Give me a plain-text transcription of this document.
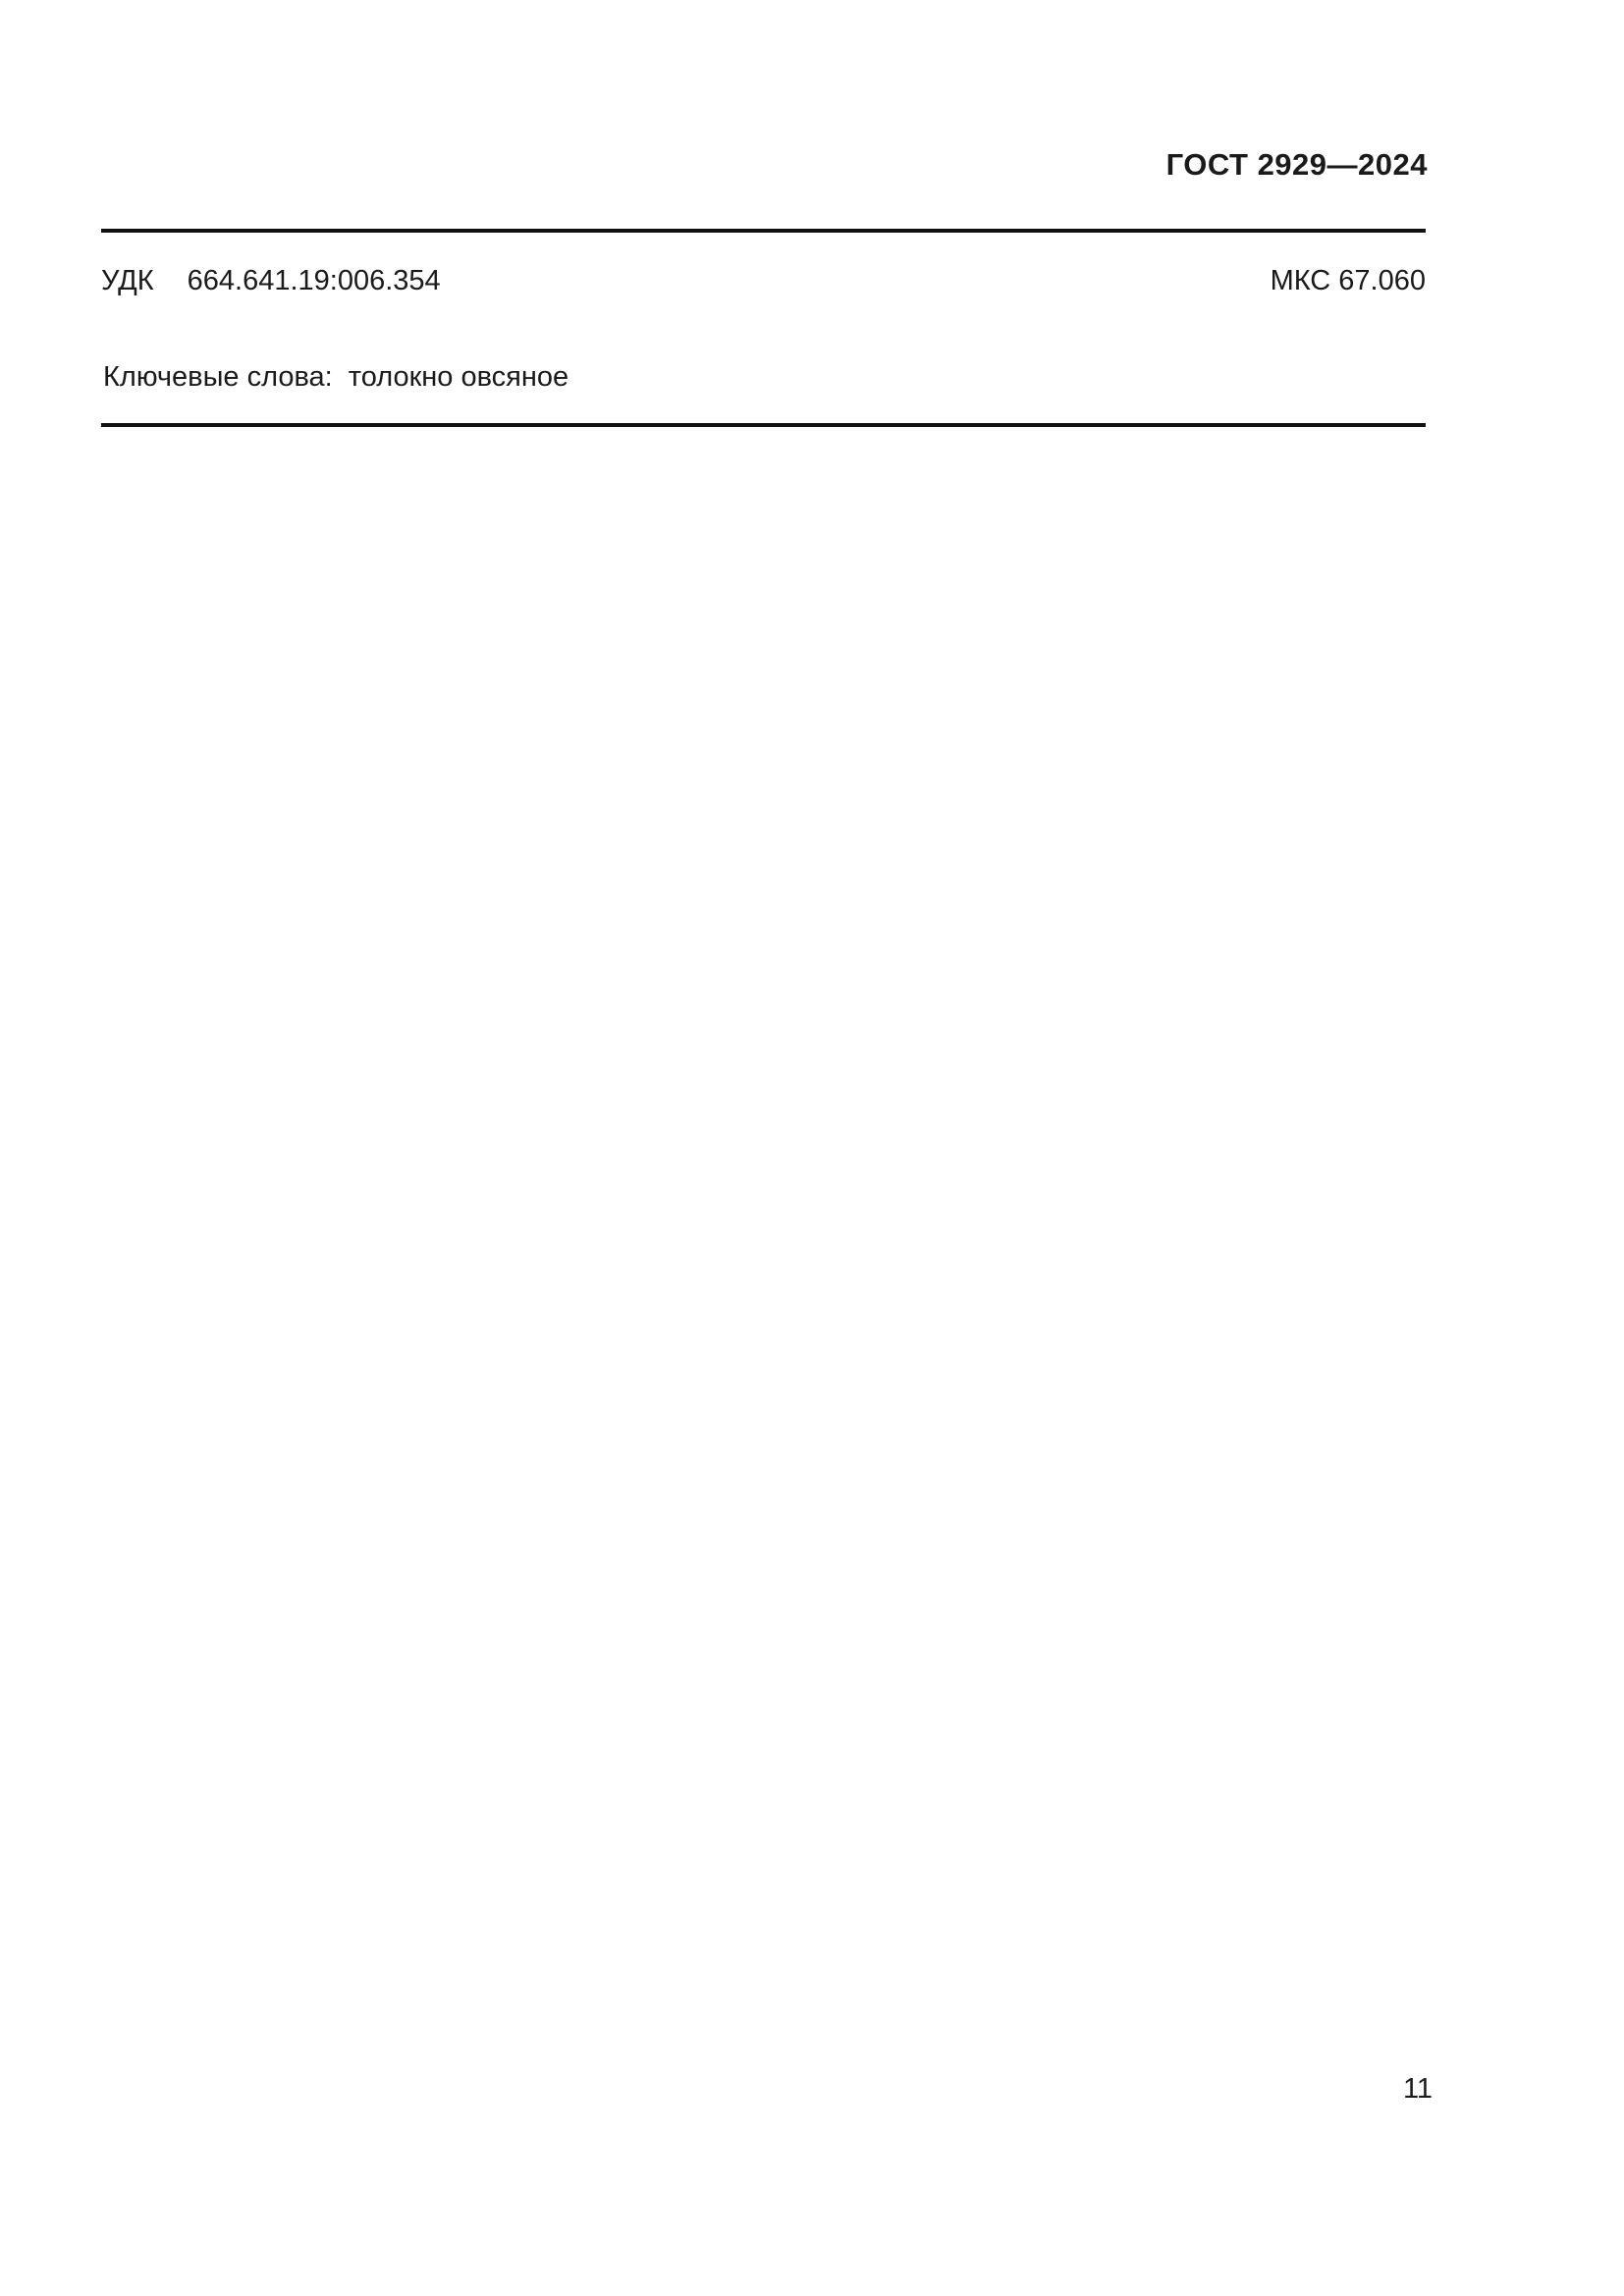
ГОСТ 2929—2024
УДК 664.641.19:006.354	МКС 67.060
Ключевые слова: толокно овсяное
11
